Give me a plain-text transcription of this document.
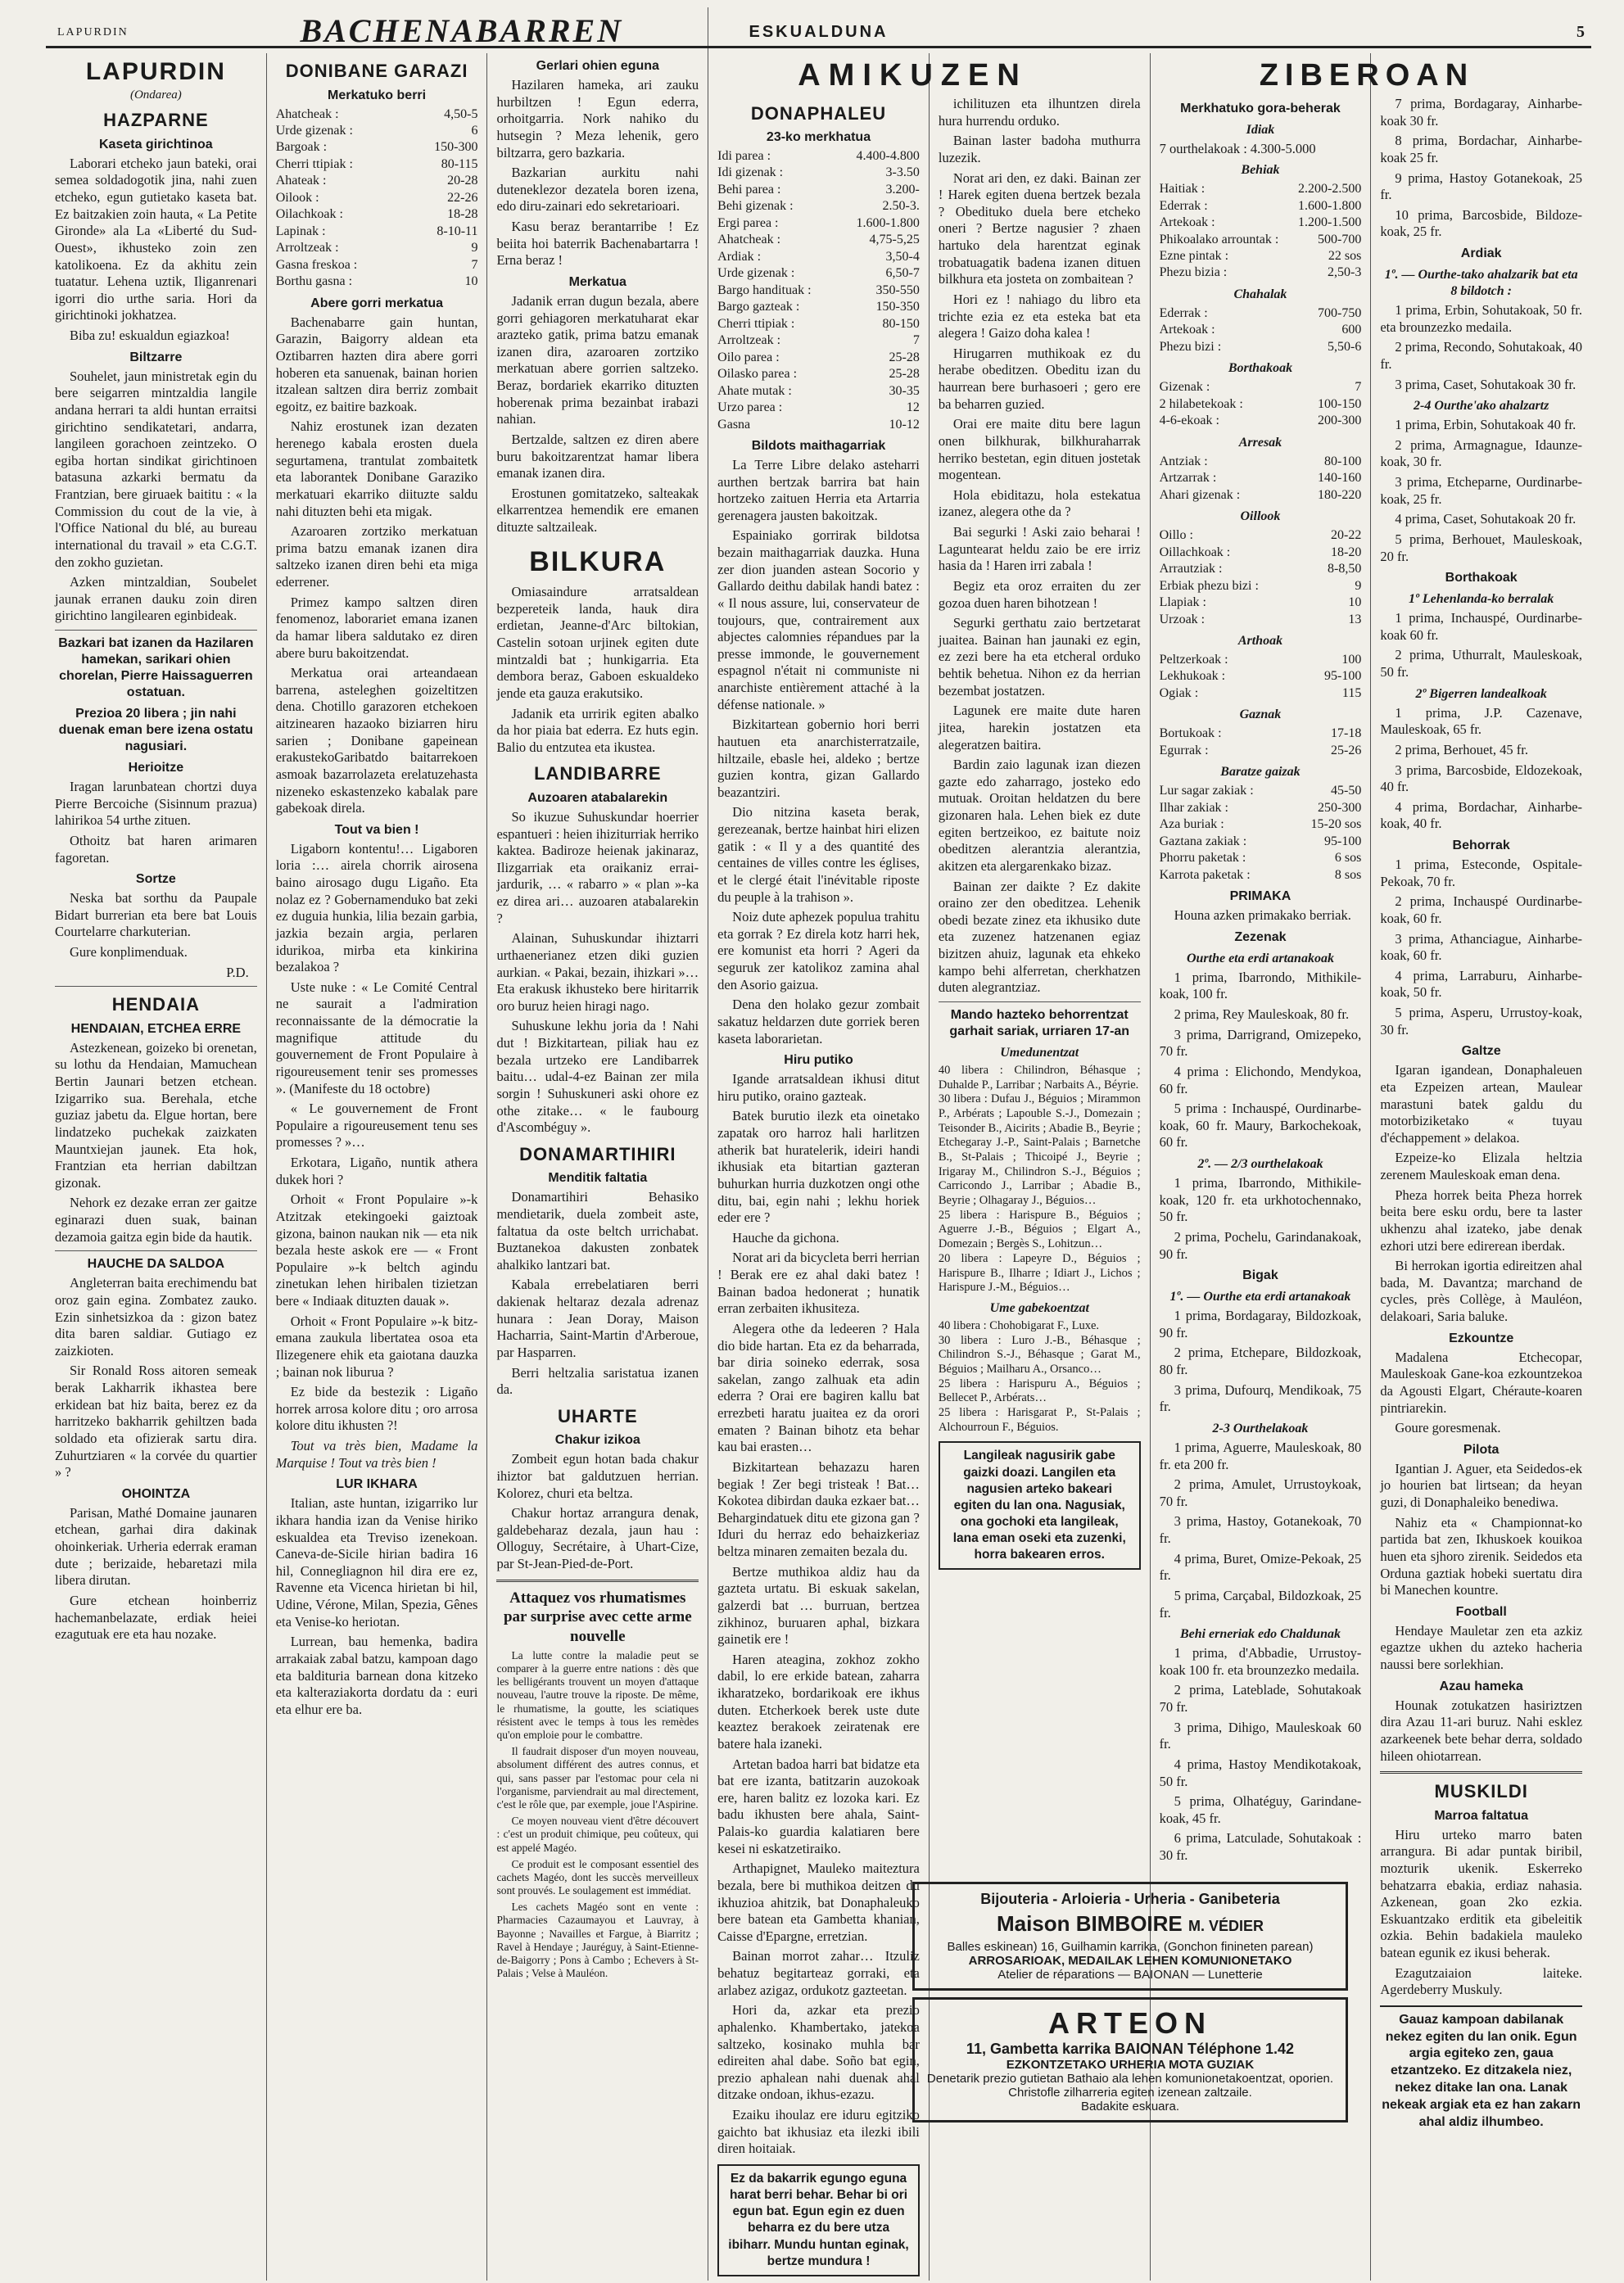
LAPURDIN	ESKUALDUNA	5
LAPURDIN
(Ondarea)
HAZPARNE
Kaseta girichtinoa

Laborari etcheko jaun bateki, orai semea soldadogotik jina, nahi zuen etcheko, egun gutietako kaseta bat. Ez baitzakien zoin hauta, « La Petite Gironde» ala La «Liberté du Sud-Ouest», ikhusteko zoin zen katolikoena. Ez da akhitu zein tuatatur. Lehena uztik, Iliganrenari igorri dio urthe saria. Hori da girichtinoki jokhatzea.

Biba zu! eskualdun egiazkoa!

Biltzarre

Souhelet, jaun ministretak egin du bere seigarren mintzaldia langile andana herrari ta aldi huntan erraitsi girichtino sendikatetari, andarra, langileen gorachoen zeintzeko. O egiba hortan sindikat girichtinoen batasuna azkarki bermatu da Frantzian, bere giruaek baititu : « la Commission du cout de la vie, à l'Office National du blé, au bureau international du travail » eta C.G.T. den zokho guzietan.

Azken mintzaldian, Soubelet jaunak erranen dauku zoin diren girichtino langilearen eginbideak.

Bazkari bat izanen da Hazilaren hamekan, sarikari ohien chorelan, Pierre Haissaguerren ostatuan.
Prezioa 20 libera ; jin nahi duenak eman bere izena ostatu nagusiari.
Herioitze

Iragan larunbatean chortzi duya Pierre Bercoiche (Sisinnum prazua) lahirikoa 54 urthe zituen.

Othoitz bat haren arimaren fagoretan.

Sortze

Neska bat sorthu da Paupale Bidart burrerian eta bere bat Louis Courtelarre charkuterian.

Gure konplimenduak.

P.D.
HENDAIA
HENDAIAN, ETCHEA ERRE

Astezkenean, goizeko bi orenetan, su lothu da Hendaian, Mamuchean Bertin Jaunari betzen etchean. Izigarriko sua. Berehala, etche guziaz jabetu da. Elgue hortan, bere lindatzeko puchekak zaizkaten Mauntxiejan jaunek. Eta hok, Frantzian eta herrian dabiltzan gizonak.

Nehork ez dezake erran zer gaitze eginarazi duen suak, bainan dezamoia gaitza egin bide da hautik.

HAUCHE DA SALDOA

Angleterran baita erechimendu bat oroz gain egina. Zombatez zauko. Ezin sinhetsizkoa da : gizon batez dita baren saldiar. Gutiago ez zaizkioten.

Sir Ronald Ross aitoren semeak berak Lakharrik ikhastea bere erkidean bat hiz baita, berez ez da harritzeko bakharrik gehiltzen bada soldado eta ofizierak sartu dira. Zuhurtziaren « la corvée du quartier » ?

OHOINTZA

Parisan, Mathé Domaine jaunaren etchean, garhai dira dakinak ohoinkeriak. Urheria ederrak eraman dute ; berizaide, hebaretazi mila libera dirutan.

Gure etchean hoinberriz hachemanbelazate, erdiak heiei ezagutuak ere eta hau nozake.

DONIBANE GARAZI
Merkatuko berri
Ahatcheak :	4,50-5
Urde gizenak :	6
Bargoak :	150-300
Cherri ttipiak :	80-115
Ahateak :	20-28
Oilook :	22-26
Oilachkoak :	18-28
Lapinak :	8-10-11
Arroltzeak :	9
Gasna freskoa :	7
Borthu gasna :	10
Abere gorri merkatua

Bachenabarre gain huntan, Garazin, Baigorry aldean eta Oztibarren hazten dira abere gorri hoberen eta sanuenak, bainan horien itzalean saltzen dira berriz zombait egoitz, ez baitire bazkoak.

Nahiz erostunek izan dezaten herenego kabala erosten duela segurtamena, trantulat zombaitetk eta laborantek Donibane Garaziko merkatuari ekarriko diituzte saldu nahi dituzten behi eta migak.

Azaroaren zortziko merkatuan prima batzu emanak izanen dira saltzeko izanen diren behi eta miga ederrener.

Primez kampo saltzen diren fenomenoz, laborariet emana izanen da hamar libera saldutako ez diren abere buru bakoitzendat.

Merkatua orai arteandaean barrena, asteleghen goizeltitzen dena. Chotillo garazoren etchekoen aitzinearen hazaoko biziarren hiru sarien ; Donibane gapeinean erakustekoGaribatdo baitarrekoen asmoak bazarrolazeta erelatuzehasta nizeneko eskastenzeko kabalak pare gabekoak direla.

Tout va bien !

Ligaborn kontentu!… Ligaboren loria :… airela chorrik airosena baino airosago dugu Ligaño. Eta nolaz ez ? Gobernamenduko bat zeki ez duguia hunkia, lilia bezain garbia, jazkia bezain argia, perlaren idurikoa, mirba eta kinkirina bezalakoa ?

Uste nuke : « Le Comité Central ne saurait a l'admiration reconnaissante de la démocratie la magnifique attitude du gouvernement de Front Populaire à rigoureusement tenir ses promesses ». (Manifeste du 18 octobre)

« Le gouvernement de Front Populaire a rigoureusement tenu ses promesses ? »…

Erkotara, Ligaño, nuntik athera dukek hori ?

Orhoit « Front Populaire »-k Atzitzak etekingoeki gaiztoak gizona, bainon naukan nik — eta nik bezala heste askok ere — « Front Populaire »-k beltch agindu zinetukan lehen hiribalen tizietzan bere « Indiaak dituzten dauak ».

Orhoit « Front Populaire »-k bitz-emana zaukula libertatea osoa eta Ilizegenere ehik eta gaiotana dauzka ; bainan nok liburua ?

Ez bide da bestezik : Ligaño horrek arrosa kolore ditu ; oro arrosa kolore ditu ikhusten ?!

Tout va très bien, Madame la Marquise ! Tout va très bien !

LUR IKHARA

Italian, aste huntan, izigarriko lur ikhara handia izan da Venise hiriko eskualdea eta Treviso izenekoan. Caneva-de-Sicile hirian badira 16 hil, Connegliagnon hil dira ere ez, Ravenne eta Vicenca hirietan bi hil, Udine, Vérone, Milan, Spezia, Gênes eta Venise-ko heriotan.

Lurrean, bau hemenka, badira arrakaiak zabal batzu, kampoan dago eta baldituria barnean dona kitzeko eta kalteraziakorta dordatu da : euri eta elhur ere ba.

BACHENABARREN
Gerlari ohien eguna

Hazilaren hameka, ari zauku hurbiltzen ! Egun ederra, orhoitgarria. Nork nahiko du hutsegin ? Meza lehenik, gero biltzarra, gero bazkaria.

Bazkarian aurkitu nahi duteneklezor dezatela boren izena, edo diru-zainari edo sekretarioari.

Kasu beraz berantarribe ! Ez beiita hoi baterrik Bachenabartarra ! Erna beraz !

Merkatua

Jadanik erran dugun bezala, abere gorri gehiagoren merkatuharat ekar arazteko gatik, prima batzu emanak izanen dira, azaroaren zortziko merkatuan abere gorrien saltzeko. Beraz, bordariek ekarriko dituzten hoberenak prima bezainbat irabazi nahian.

Bertzalde, saltzen ez diren abere buru bakoitzarentzat hamar libera emanak izanen dira.

Erostunen gomitatzeko, salteakak elkarrentzea hemendik ere emanen dituzte saltzaileak.

BILKURA

Omiasaindure arratsaldean bezpereteik landa, hauk dira erdietan, Jeanne-d'Arc biltokian, Castelin sotoan urjinek egiten dute mintzaldi bat ; hunkigarria. Eta dembora beraz, Gaboen eskualdeko jende eta gauza erakutsiko.

Jadanik eta urririk egiten abalko da hor piaia bat ederra. Ez huts egin. Balio du entzutea eta ikustea.

LANDIBARRE
Auzoaren atabalarekin

So ikuzue Suhuskundar hoerrier espantueri : heien ihiziturriak herriko kaktea. Badiroze heienak jakinaraz, Ilizgarriak eta oraikaniz errai-jardurik, … « rabarro » « plan »-ka ez direa ari… auzoaren atabalarekin ?

Alainan, Suhuskundar ihiztarri urthaenerianez etzen diki guzien aurkian. « Pakai, bezain, ihizkari »… Eta erakusk ikhusteko bere hiritarrik oro buruz heien hiragi nago.

Suhuskune lekhu joria da ! Nahi dut ! Bizkitartean, piliak hau ez bezala urtzeko ere Landibarrek baitu… udal-4-ez Bainan zer mila sorgin ! Suhuskuneri aski ohore ez othe zitake… « le faubourg d'Ascombéguy ».

DONAMARTIHIRI
Menditik faltatia

Donamartihiri Behasiko mendietarik, duela zombeit aste, faltatua da oste beltch urrichabat. Buztanekoa dakusten zonbatek ahalkiko lantzari bat.

Kabala errebelatiaren berri dakienak heltaraz dezala adrenaz hunara : Jean Doray, Maison Hacharria, Saint-Martin d'Arberoue, par Hasparren.

Berri heltzalia saristatua izanen da.

UHARTE
Chakur izikoa

Zombeit egun hotan bada chakur ihiztor bat galdutzuen herrian. Kolorez, churi eta beltza.

Chakur hortaz arrangura denak, galdebeharaz dezala, jaun hau : Olloguy, Secrétaire, à Uhart-Cize, par St-Jean-Pied-de-Port.

Attaquez vos rhumatismes par surprise avec cette arme nouvelle

La lutte contre la maladie peut se comparer à la guerre entre nations : dès que les belligérants trouvent un moyen d'attaque nouveau, l'autre trouve la riposte. De même, le rhumatisme, la goutte, les sciatiques résistent avec le temps à tous les remèdes qu'on emploie pour le combattre.

Il faudrait disposer d'un moyen nouveau, absolument différent des autres connus, et qui, sans passer par l'estomac pour cela ni l'organisme, parviendrait au mal directement, c'est le rôle que, par exemple, joue l'Aspirine.

Ce moyen nouveau vient d'être découvert : c'est un produit chimique, peu coûteux, qui est appelé Magéo.

Ce produit est le composant essentiel des cachets Magéo, dont les succès merveilleux sont prouvés. Le soulagement est immédiat.

Les cachets Magéo sont en vente : Pharmacies Cazaumayou et Lauvray, à Bayonne ; Navailles et Fargue, à Biarritz ; Ravel à Hendaye ; Jauréguy, à Saint-Etienne-de-Baigorry ; Pons à Cambo ; Echevers à St-Palais ; Velse à Mauléon.

AMIKUZEN
DONAPHALEU
23-ko merkhatua
Idi parea :	4.400-4.800
Idi gizenak :	3-3.50
Behi parea :	3.200-
Behi gizenak :	2.50-3.
Ergi parea :	1.600-1.800
Ahatcheak :	4,75-5,25
Ardiak :	3,50-4
Urde gizenak :	6,50-7
Bargo handituak :	350-550
Bargo gazteak :	150-350
Cherri ttipiak :	80-150
Arroltzeak :	7
Oilo parea :	25-28
Oilasko parea :	25-28
Ahate mutak :	30-35
Urzo parea :	12
Gasna	10-12
Bildots maithagarriak

La Terre Libre delako asteharri aurthen bertzak barrira bat hain hortzeko zaituen Herria eta Artarria gerenagera jausten bakoitzak.

Espainiako gorrirak bildotsa bezain maithagarriak dauzka. Huna zer dion juanden astean Socorio y Gallardo deithu dabilak handi batez : « Il nous assure, lui, conservateur de toujours, que, contrairement aux abjectes calomnies répandues par la presse immonde, le gouvernement espagnol n'était ni communiste ni anarchiste entièrement attaché à la défense nationale. »

Bizkitartean gobernio hori berri hautuen eta anarchisterratzaile, hiltzaile, ebasle hei, aldeko ; bertze guzien kontra, gizan Gallardo beazantziri.

Dio nitzina kaseta berak, gerezeanak, bertze hainbat hiri elizen gatik : « Il y a des quantité des centaines de villes contre les églises, et le clergé était l'inévitable riposte du peuple à la trahison ».

Noiz dute aphezek populua trahitu eta gorrak ? Ez direla kotz harri hek, ere komunist eta horri ? Ageri da seguruk zer katolikoz zamina ahal den Asorio gaizua.

Dena den holako gezur zombait sakatuz heldarzen dute gorriek beren kaseta laborarietan.

Hiru putiko

Igande arratsaldean ikhusi ditut hiru putiko, oraino gazteak.

Batek burutio ilezk eta oinetako zapatak oro harroz hali harlitzen atherik bat huratelerik, ideiri handi ikhusiak eta bitartian gazteran buhurkan hurria duzkotzen ongi othe ditu, bai, egin nahi ; lekhu horiek eder ere ?

Hauche da gichona.

Norat ari da bicycleta berri herrian ! Berak ere ez ahal daki batez ! Bainan badoa hedonerat ; hunatik erran zerbaiten ikhusiteza.

Alegera othe da ledeeren ? Hala dio bide hartan. Eta ez da beharrada, bar diria soineko ederrak, sosa sakelan, zango zalhuak eta adin ederra ? Orai ere bagiren kallu bat errezbeti haratu juaitea ez da orori ematen ? Bainan bihotz eta behar kau bai erasten…

Bizkitartean behazazu haren begiak ! Zer begi tristeak ! Bat… Kokotea dibirdan dauka ezkaer bat… Behargindatuek ditu ete gizona gan ? Iduri du herraz edo behaizkeriaz beltza minaren zemaiten bezala du.

Bertze muthikoa aldiz hau da gazteta urtatu. Bi eskuak sakelan, galzerdi bat … burruan, bertzea zikhinoz, buruaren aphal, bizkara gainetik ere !

Haren ateagina, zokhoz zokho dabil, lo ere erkide batean, zaharra ikharatzeko, bordarikoak ere ikhus duten. Etcherkoek berek uste dute keaztez berakoek zeiratenak ere batere hala izaneki.

Artetan badoa harri bat bidatze eta bat ere izanta, batitzarin auzokoak ere, haren balitz ez lozoka kari. Ez badu ikhusten bere ahala, Saint-Palais-ko guardia kalatiaren bere kesei ni eskatzetiraiko.

Arthapignet, Mauleko maiteztura bezala, bere bi muthikoa deitzen du ikhuzioa ahitzik, bat Donaphaleuko bere batean eta Gambetta khanian, Caisse d'Epargne, erretzian.

Bainan morrot zahar… Itzuliz behatuz begitarteaz gorraki, eta arlabez azigaz, ordukotz gazteetan.

Hori da, azkar eta prezio aphalenko. Khambertako, jatekoa saltzeko, kosinako muhla bar edireiten ahal dabe. Soño bat egin, prezio aphalean nahi duenak ahal ditzake ondoan, ikhus-ezazu.

Ezaiku ihoulaz ere iduru egitziko gaichto bat ikhusiaz eta ilezki ibili diren hoitaiak.

Ez da bakarrik egungo eguna harat berri behar. Behar bi ori egun bat. Egun egin ez duen beharra ez du bere utza ibiharr. Mundu huntan eginak, bertze mundura !

ichilituzen eta ilhuntzen direla hura hurrendu orduko.

Bainan laster badoha muthurra luzezik.

Norat ari den, ez daki. Bainan zer ! Harek egiten duena bertzek bezala ? Obedituko duela bere etcheko oneri ? Bertze nagusier ? zhaen hartuko dela harentzat eginak trobatuagatik badena izanen dituen bilkhura eta josteta on zombaitean ?

Hori ez ! nahiago du libro eta trichte ezia ez eta esteka bat eta alegera ! Gaizo doha kalea !

Hirugarren muthikoak ez du herabe obeditzen. Obeditu izan du haurrean bere burhasoeri ; gero ere ba beharren guzied.

Orai ere maite ditu bere lagun onen bilkhurak, bilkhuraharrak herriko bestetan, egin dituen jostetak mogentean.

Hola ebiditazu, hola estekatua izanez, alegera othe da ?

Bai segurki ! Aski zaio beharai ! Laguntearat heldu zaio be ere irriz hasia da ! Haren irri zabala !

Begiz eta oroz erraiten du zer gozoa duen haren bihotzean !

Segurki gerthatu zaio bertzetarat juaitea. Bainan han jaunaki ez egin, ez zezi bere ha eta etcheral orduko behtik behetua. Nihon ez da herrian bezembat jostatzen.

Lagunek ere maite dute haren jitea, harekin jostatzen eta alegeratzen baitira.

Bardin zaio lagunak izan diezen gazte edo zaharrago, josteko edo mutuak. Oroitan heldatzen du bere gizonaren hala. Lehen biek ez dute egiten bertzeikoo, ez baitute noiz obeditzen alerantzia alerantzia, akitzen eta alergarenkako bizaz.

Bainan zer daikte ? Ez dakite oraino zer den obeditzea. Lehenik obedi bezate zinez eta ikhusiko dute eta zuzenez hatzenanen egiaz bizitzen ahuiz, lagunak eta ehkeko kampo behi alferretan, cherkhatzen duten alegrantziaz.

Mando hazteko behorrentzat garhait sariak, urriaren 17-an
Umedunentzat

40 libera : Chilindron, Béhasque ; Duhalde P., Larribar ; Narbaits A., Béyrie.
30 libera : Dufau J., Béguios ; Mirammon P., Arbérats ; Lapouble S.-J., Domezain ; Teisonder B., Aicirits ; Abadie B., Beyrie ; Etchegaray J.-P., Saint-Palais ; Barnetche B., St-Palais ; Thicoipé J., Beyrie ; Irigaray M., Chilindron S.-J., Béguios ; Carricondo J., Larribar ; Abadie B., Beyrie ; Olhagaray J., Béguios…
25 libera : Harispure B., Béguios ; Aguerre J.-B., Béguios ; Elgart A., Domezain ; Bergès S., Lohitzun…
20 libera : Lapeyre D., Béguios ; Harispure B., Ilharre ; Idiart J., Lichos ; Harispure J.-M., Béguios…

Ume gabekoentzat

40 libera : Chohobigarat F., Luxe.
30 libera : Luro J.-B., Béhasque ; Chilindron S.-J., Béhasque ; Garat M., Béguios ; Mailharu A., Orsanco…
25 libera : Harispuru A., Béguios ; Bellecet P., Arbérats…
25 libera : Harisgarat P., St-Palais ; Alchourroun F., Béguios.

Langileak nagusirik gabe gaizki doazi. Langilen eta nagusien arteko bakeari egiten du lan ona. Nagusiak, ona gochoki eta langileak, lana eman oseki eta zuzenki, horra bakearen erros.
ZIBEROAN
Merkhatuko gora-beherak
Idiak

7 ourthelakoak : 4.300-5.000

Behiak
Haitiak :	2.200-2.500
Ederrak :	1.600-1.800
Artekoak :	1.200-1.500
Phikoalako arrountak :	500-700
Ezne pintak :	22 sos
Phezu bizia :	2,50-3
Chahalak
Ederrak :	700-750
Artekoak :	600
Phezu bizi :	5,50-6
Borthakoak
Gizenak :	7
2 hilabetekoak :	100-150
4-6-ekoak :	200-300
Arresak
Antziak :	80-100
Artzarrak :	140-160
Ahari gizenak :	180-220
Oillook
Oillo :	20-22
Oillachkoak :	18-20
Arrautziak :	8-8,50
Erbiak phezu bizi :	9
Llapiak :	10
Urzoak :	13
Arthoak
Peltzerkoak :	100
Lekhukoak :	95-100
Ogiak :	115
Gaznak
Bortukoak :	17-18
Egurrak :	25-26
Baratze gaizak
Lur sagar zakiak :	45-50
Ilhar zakiak :	250-300
Aza buriak :	15-20 sos
Gaztana zakiak :	95-100
Phorru paketak :	6 sos
Karrota paketak :	8 sos
PRIMAKA

Houna azken primakako berriak.

Zezenak
Ourthe eta erdi artanakoak

1 prima, Ibarrondo, Mithikile-koak, 100 fr.

2 prima, Rey Mauleskoak, 80 fr.

3 prima, Darrigrand, Omizepeko, 70 fr.

4 prima : Elichondo, Mendykoa, 60 fr.

5 prima : Inchauspé, Ourdinarbe-koak, 60 fr. Maury, Barkochekoak, 60 fr.

2º. — 2/3 ourthelakoak

1 prima, Ibarrondo, Mithikile-koak, 120 fr. eta urkhotochennako, 50 fr.

2 prima, Pochelu, Garindanakoak, 90 fr.

Bigak
1º. — Ourthe eta erdi artanakoak

1 prima, Bordagaray, Bildozkoak, 90 fr.

2 prima, Etchepare, Bildozkoak, 80 fr.

3 prima, Dufourq, Mendikoak, 75 fr.

2-3 Ourthelakoak

1 prima, Aguerre, Mauleskoak, 80 fr. eta 200 fr.

2 prima, Amulet, Urrustoykoak, 70 fr.

3 prima, Hastoy, Gotanekoak, 70 fr.

4 prima, Buret, Omize-Pekoak, 25 fr.

5 prima, Carçabal, Bildozkoak, 25 fr.

Behi erneriak edo Chaldunak

1 prima, d'Abbadie, Urrustoy-koak 100 fr. eta brounzezko medaila.

2 prima, Lateblade, Sohutakoak 70 fr.

3 prima, Dihigo, Mauleskoak 60 fr.

4 prima, Hastoy Mendikotakoak, 50 fr.

5 prima, Olhatéguy, Garindane-koak, 45 fr.

6 prima, Latculade, Sohutakoak : 30 fr.

7 prima, Bordagaray, Ainharbe-koak 30 fr.

8 prima, Bordachar, Ainharbe-koak 25 fr.

9 prima, Hastoy Gotanekoak, 25 fr.

10 prima, Barcosbide, Bildoze-koak, 25 fr.

Ardiak
1º. — Ourthe-tako ahalzarik bat eta 8 bildotch :

1 prima, Erbin, Sohutakoak, 50 fr. eta brounzezko medaila.

2 prima, Recondo, Sohutakoak, 40 fr.

3 prima, Caset, Sohutakoak 30 fr.

2-4 Ourthe'ako ahalzartz

1 prima, Erbin, Sohutakoak 40 fr.

2 prima, Armagnague, Idaunze-koak, 30 fr.

3 prima, Etcheparne, Ourdinarbe-koak, 25 fr.

4 prima, Caset, Sohutakoak 20 fr.

5 prima, Berhouet, Mauleskoak, 20 fr.

Borthakoak
1º Lehenlanda-ko berralak

1 prima, Inchauspé, Ourdinarbe-koak 60 fr.

2 prima, Uthurralt, Mauleskoak, 50 fr.

2º Bigerren landealkoak

1 prima, J.P. Cazenave, Mauleskoak, 65 fr.

2 prima, Berhouet, 45 fr.

3 prima, Barcosbide, Eldozekoak, 40 fr.

4 prima, Bordachar, Ainharbe-koak, 40 fr.

Behorrak

1 prima, Esteconde, Ospitale-Pekoak, 70 fr.

2 prima, Inchauspé Ourdinarbe-koak, 60 fr.

3 prima, Athanciague, Ainharbe-koak, 60 fr.

4 prima, Larraburu, Ainharbe-koak, 50 fr.

5 prima, Asperu, Urrustoy-koak, 30 fr.

Galtze

Igaran igandean, Donaphaleuen eta Ezpeizen artean, Maulear marastuni batek galdu du motorbiziketako « tuyau d'échappement » delakoa.

Ezpeize-ko Elizala heltzia zerenem Mauleskoak eman dena.

Pheza horrek beita Pheza horrek beita bere esku ordu, bere ta laster ukhenzu ahal izateko, jabe denak ezhori utzi bere edirerean iberdak.

Bi herrokan igortia edireitzen ahal bada, M. Davantza; marchand de cycles, près Collège, à Mauléon, delakoari, Saria baluke.

Ezkountze

Madalena Etchecopar, Mauleskoak Gane-koa ezkountzekoa da Agousti Elgart, Chéraute-koaren pintriarekin.

Goure goresmenak.

Pilota

Igantian J. Aguer, eta Seidedos-ek jo hourien bat lirtsean; da heyan guzi, di Donaphaleiko benediwa.

Nahiz eta « Championnat-ko partida bat zen, Ikhuskoek kouikoa huen eta sjhoro zirenik. Seidedos eta Orduna gaztiak hobeki suertatu dira bi Manechen kountre.

Football

Hendaye Mauletar zen eta azkiz egaztze ukhen du azteko hacheria naussi bere sorlekhian.

Azau hameka

Hounak zotukatzen hasiriztzen dira Azau 11-ari buruz. Nahi esklez azarkeenek bete behar derra, soldado hileen ohiotarrean.

MUSKILDI
Marroa faltatua

Hiru urteko marro baten arrangura. Bi adar puntak biribil, mozturik ukenik. Eskerreko behatzarra ebakia, erdiaz nahasia. Azkenean, goan 2ko ezkia. Eskuantzako erditik eta gibeleitik ozkia. Behin badakiela mauleko batean egunik ez ikusi beherak.

Ezagutzaiaion laiteke. Agerdeberry Muskuly.

Gauaz kampoan dabilanak nekez egiten du lan onik. Egun argia egiteko zen, gaua etzantzeko. Ez ditzakela niez, nekez ditake lan ona. Lanak nekeak argiak eta ez han zakarn ahal aldiz ilhumbeo.
Bijouteria - Arloieria - Urheria - Ganibeteria
Maison BIMBOIRE M. VÉDIER
Balles eskinean) 16, Guilhamin karrika, (Gonchon finineten parean)
ARROSARIOAK, MEDAILAK LEHEN KOMUNIONETAKO
Atelier de réparations — BAIONAN — Lunetterie
ARTEON
11, Gambetta karrika BAIONAN Téléphone 1.42
EZKONTZETAKO URHERIA MOTA GUZIAK
Denetarik prezio gutietan Bathaio ala lehen komunionetakoentzat, oporien.
Christofle zilharreria egiten izenean zaltzaile.
Badakite eskuara.
